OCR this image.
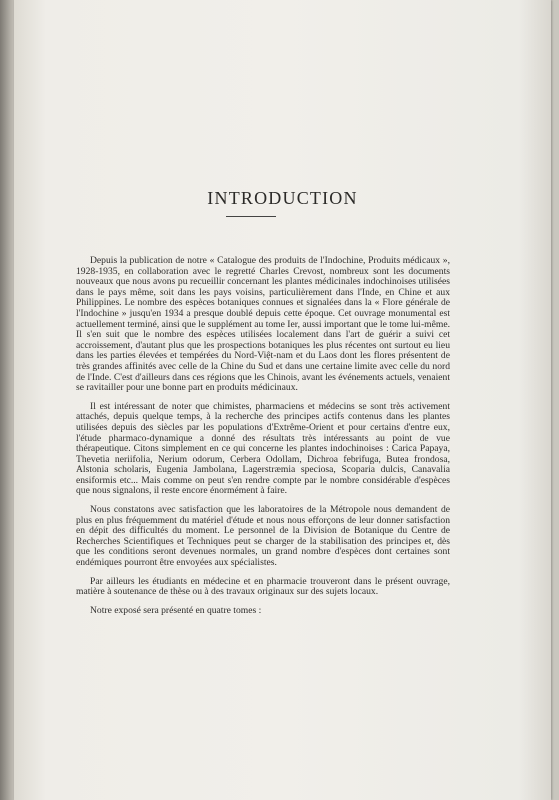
INTRODUCTION

Depuis la publication de notre « Catalogue des produits de l'Indochine, Produits médicaux », 1928-1935, en collaboration avec le regretté Charles Crevost, nombreux sont les documents nouveaux que nous avons pu recueillir concernant les plantes médicinales indochinoises utilisées dans le pays même, soit dans les pays voisins, particulièrement dans l'Inde, en Chine et aux Philippines. Le nombre des espèces botaniques connues et signalées dans la « Flore générale de l'Indochine » jusqu'en 1934 a presque doublé depuis cette époque. Cet ouvrage monumental est actuellement terminé, ainsi que le supplément au tome Ier, aussi important que le tome lui-même. Il s'en suit que le nombre des espèces utilisées localement dans l'art de guérir a suivi cet accroissement, d'autant plus que les prospections botaniques les plus récentes ont surtout eu lieu dans les parties élevées et tempérées du Nord-Việt-nam et du Laos dont les flores présentent de très grandes affinités avec celle de la Chine du Sud et dans une certaine limite avec celle du nord de l'Inde. C'est d'ailleurs dans ces régions que les Chinois, avant les événements actuels, venaient se ravitailler pour une bonne part en produits médicinaux.

Il est intéressant de noter que chimistes, pharmaciens et médecins se sont très activement attachés, depuis quelque temps, à la recherche des principes actifs contenus dans les plantes utilisées depuis des siècles par les populations d'Extrême-Orient et pour certains d'entre eux, l'étude pharmaco-dynamique a donné des résultats très intéressants au point de vue thérapeutique. Citons simplement en ce qui concerne les plantes indochinoises : Carica Papaya, Thevetia neriifolia, Nerium odorum, Cerbera Odollam, Dichroa febrifuga, Butea frondosa, Alstonia scholaris, Eugenia Jambolana, Lagerstræmia speciosa, Scoparia dulcis, Canavalia ensiformis etc... Mais comme on peut s'en rendre compte par le nombre considérable d'espèces que nous signalons, il reste encore énormément à faire.

Nous constatons avec satisfaction que les laboratoires de la Métropole nous demandent de plus en plus fréquemment du matériel d'étude et nous nous efforçons de leur donner satisfaction en dépit des difficultés du moment. Le personnel de la Division de Botanique du Centre de Recherches Scientifiques et Techniques peut se charger de la stabilisation des principes et, dès que les conditions seront devenues normales, un grand nombre d'espèces dont certaines sont endémiques pourront être envoyées aux spécialistes.

Par ailleurs les étudiants en médecine et en pharmacie trouveront dans le présent ouvrage, matière à soutenance de thèse ou à des travaux originaux sur des sujets locaux.

Notre exposé sera présenté en quatre tomes :
